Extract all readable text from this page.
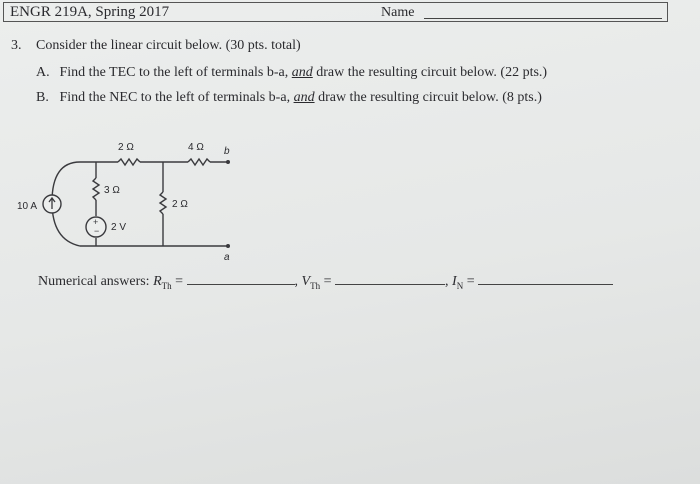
ENGR 219A, Spring 2017	Name
3. Consider the linear circuit below. (30 pts. total)
A. Find the TEC to the left of terminals b-a, and draw the resulting circuit below. (22 pts.)
B. Find the NEC to the left of terminals b-a, and draw the resulting circuit below. (8 pts.)
+
−
10 A
2 V
2 Ω	4 Ω
3 Ω
2 Ω
b
a
Numerical answers: $R_{Th}$ =	, $V_{Th}$ =	, $I_N$ =
